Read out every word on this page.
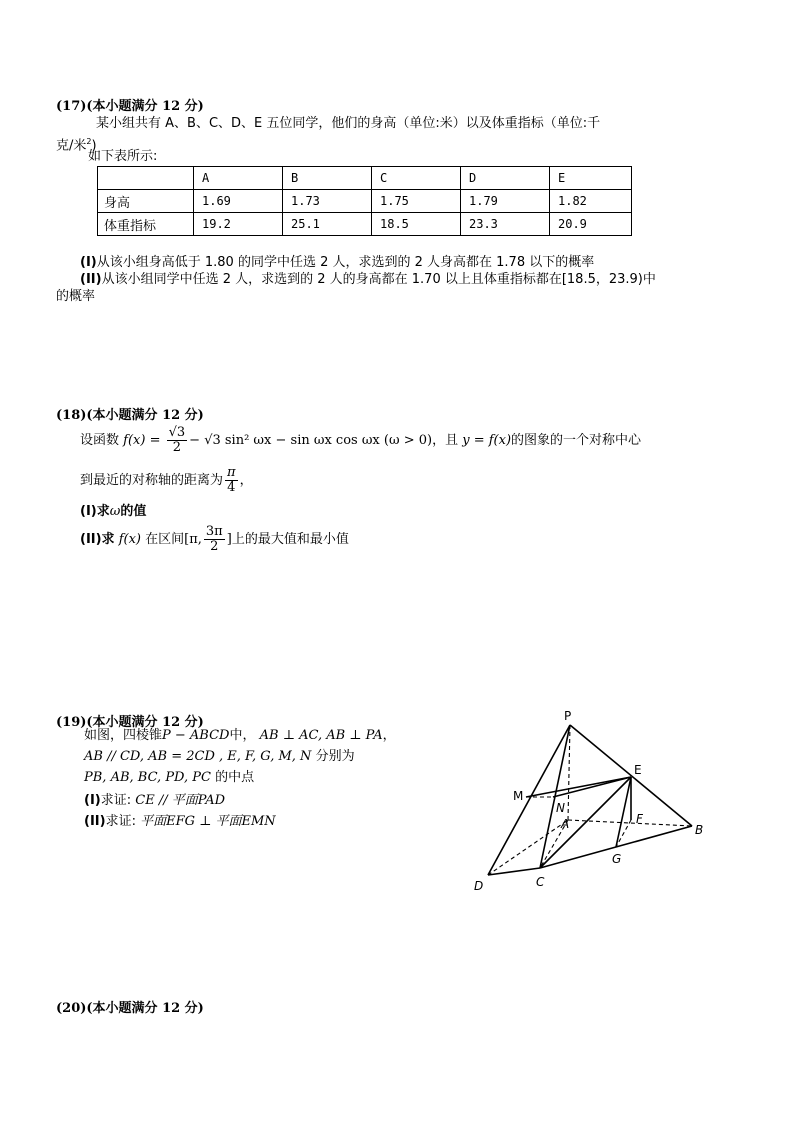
(17)(本小题满分 12 分)
某小组共有 A、B、C、D、E 五位同学，他们的身高（单位:米）以及体重指标（单位:千
克/米$^2$)
如下表所示:
	A	B	C	D	E
身高	1.69	1.73	1.75	1.79	1.82
体重指标	19.2	25.1	18.5	23.3	20.9
(I)从该小组身高低于 1.80 的同学中任选 2 人，求选到的 2 人身高都在 1.78 以下的概率
(II)从该小组同学中任选 2 人，求选到的 2 人的身高都在 1.70 以上且体重指标都在[18.5，23.9)中
的概率
(18)(本小题满分 12 分)
设函数 $f(x) = \frac{√3}{2} - √3$ sin² ωx − sin ωx cos ωx (ω > 0)，且 y = f(x)的图象的一个对称中心
到最近的对称轴的距离为 $\frac{\pi}{4}$ ，
(I)求ω的值
(II)求 f(x) 在区间[π, $\frac{3\pi}{2}$ ]上的最大值和最小值
(19)(本小题满分 12 分)
如图，四棱锥P − ABCD中， AB ⊥ AC, AB ⊥ PA，
AB // CD, AB = 2CD , E, F, G, M, N 分别为
PB, AB, BC, PD, PC 的中点
(I)求证: CE // 平面PAD
(II)求证: 平面EFG ⊥ 平面EMN
P
E
M
N
A	F
B
G
D	C
(20)(本小题满分 12 分)
